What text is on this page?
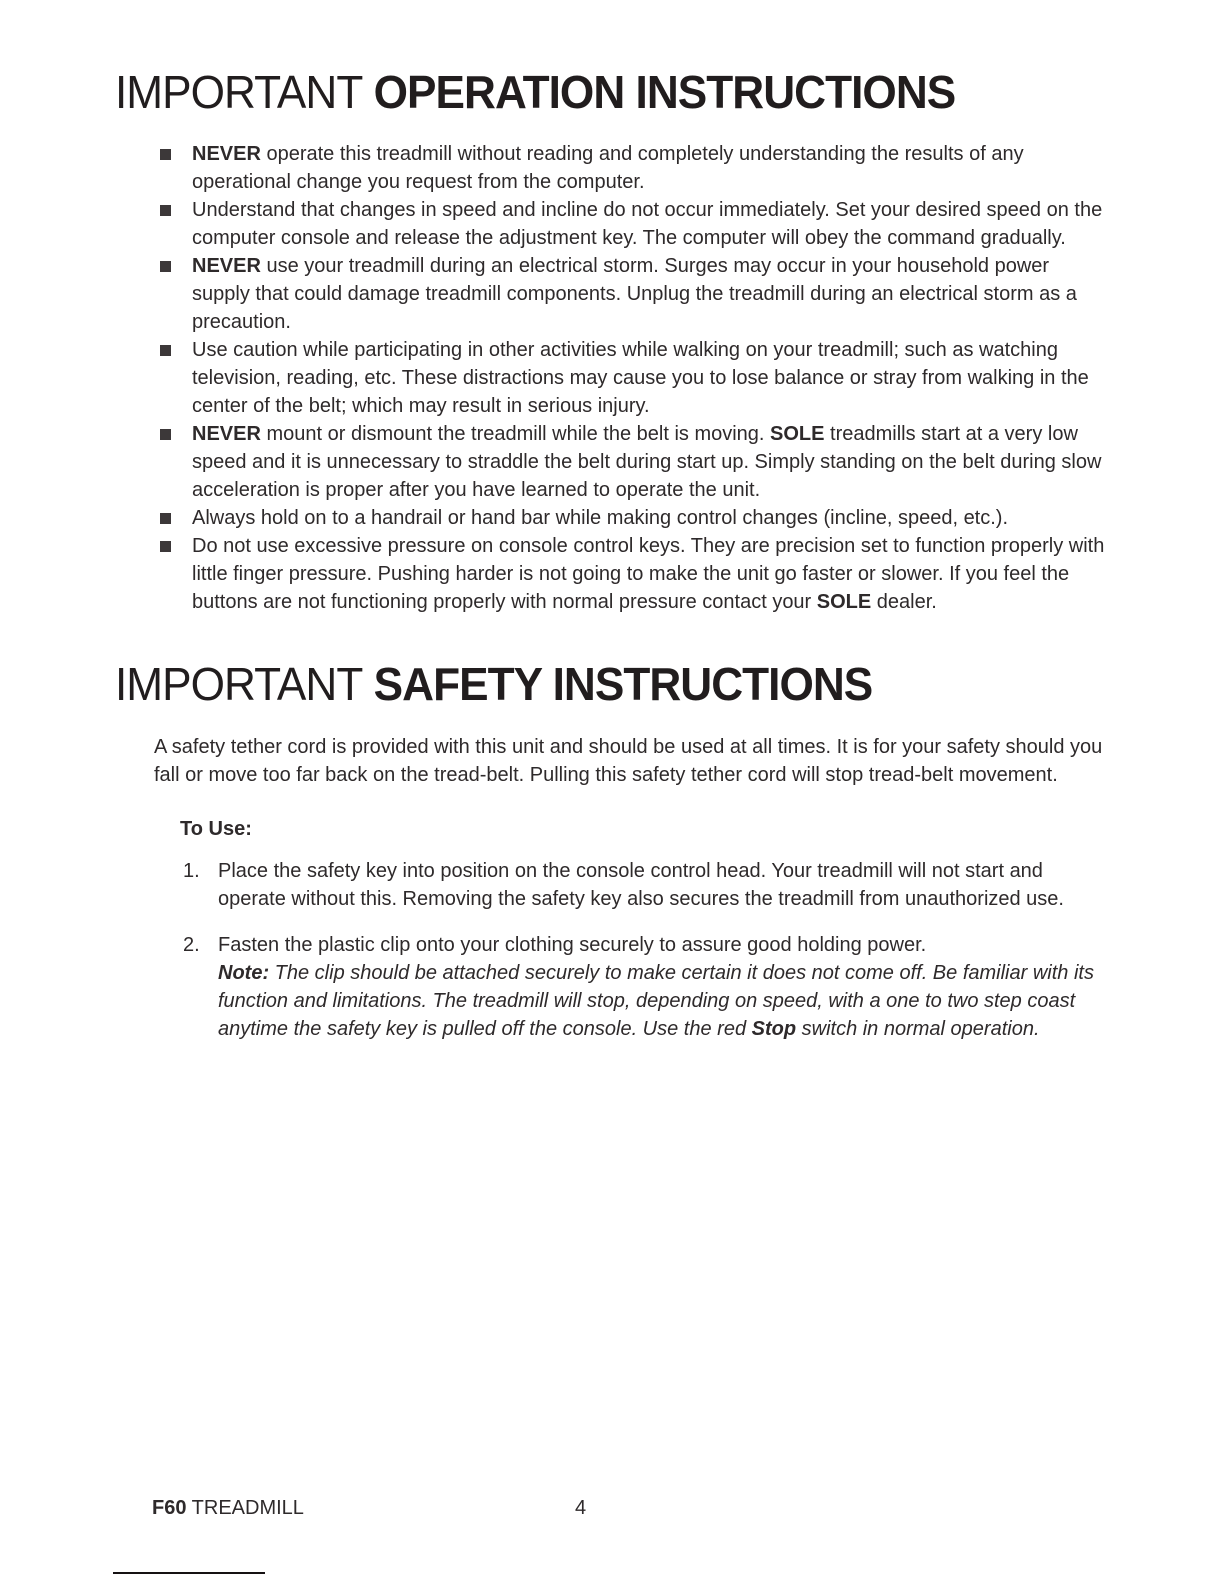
IMPORTANT OPERATION INSTRUCTIONS
NEVER operate this treadmill without reading and completely understanding the results of any operational change you request from the computer.
Understand that changes in speed and incline do not occur immediately. Set your desired speed on the computer console and release the adjustment key. The computer will obey the command gradually.
NEVER use your treadmill during an electrical storm. Surges may occur in your household power supply that could damage treadmill components. Unplug the treadmill during an electrical storm as a precaution.
Use caution while participating in other activities while walking on your treadmill; such as watching television, reading, etc. These distractions may cause you to lose balance or stray from walking in the center of the belt; which may result in serious injury.
NEVER mount or dismount the treadmill while the belt is moving. SOLE treadmills start at a very low speed and it is unnecessary to straddle the belt during start up. Simply standing on the belt during slow acceleration is proper after you have learned to operate the unit.
Always hold on to a handrail or hand bar while making control changes (incline, speed, etc.).
Do not use excessive pressure on console control keys. They are precision set to function properly with little finger pressure. Pushing harder is not going to make the unit go faster or slower. If you feel the buttons are not functioning properly with normal pressure contact your SOLE dealer.
IMPORTANT SAFETY INSTRUCTIONS

A safety tether cord is provided with this unit and should be used at all times. It is for your safety should you fall or move too far back on the tread-belt. Pulling this safety tether cord will stop tread-belt movement.

To Use:

1. Place the safety key into position on the console control head. Your treadmill will not start and operate without this. Removing the safety key also secures the treadmill from unauthorized use.

2. Fasten the plastic clip onto your clothing securely to assure good holding power.

Note: The clip should be attached securely to make certain it does not come off. Be familiar with its function and limitations. The treadmill will stop, depending on speed, with a one to two step coast anytime the safety key is pulled off the console. Use the red Stop switch in normal operation.

F60 TREADMILL	4
